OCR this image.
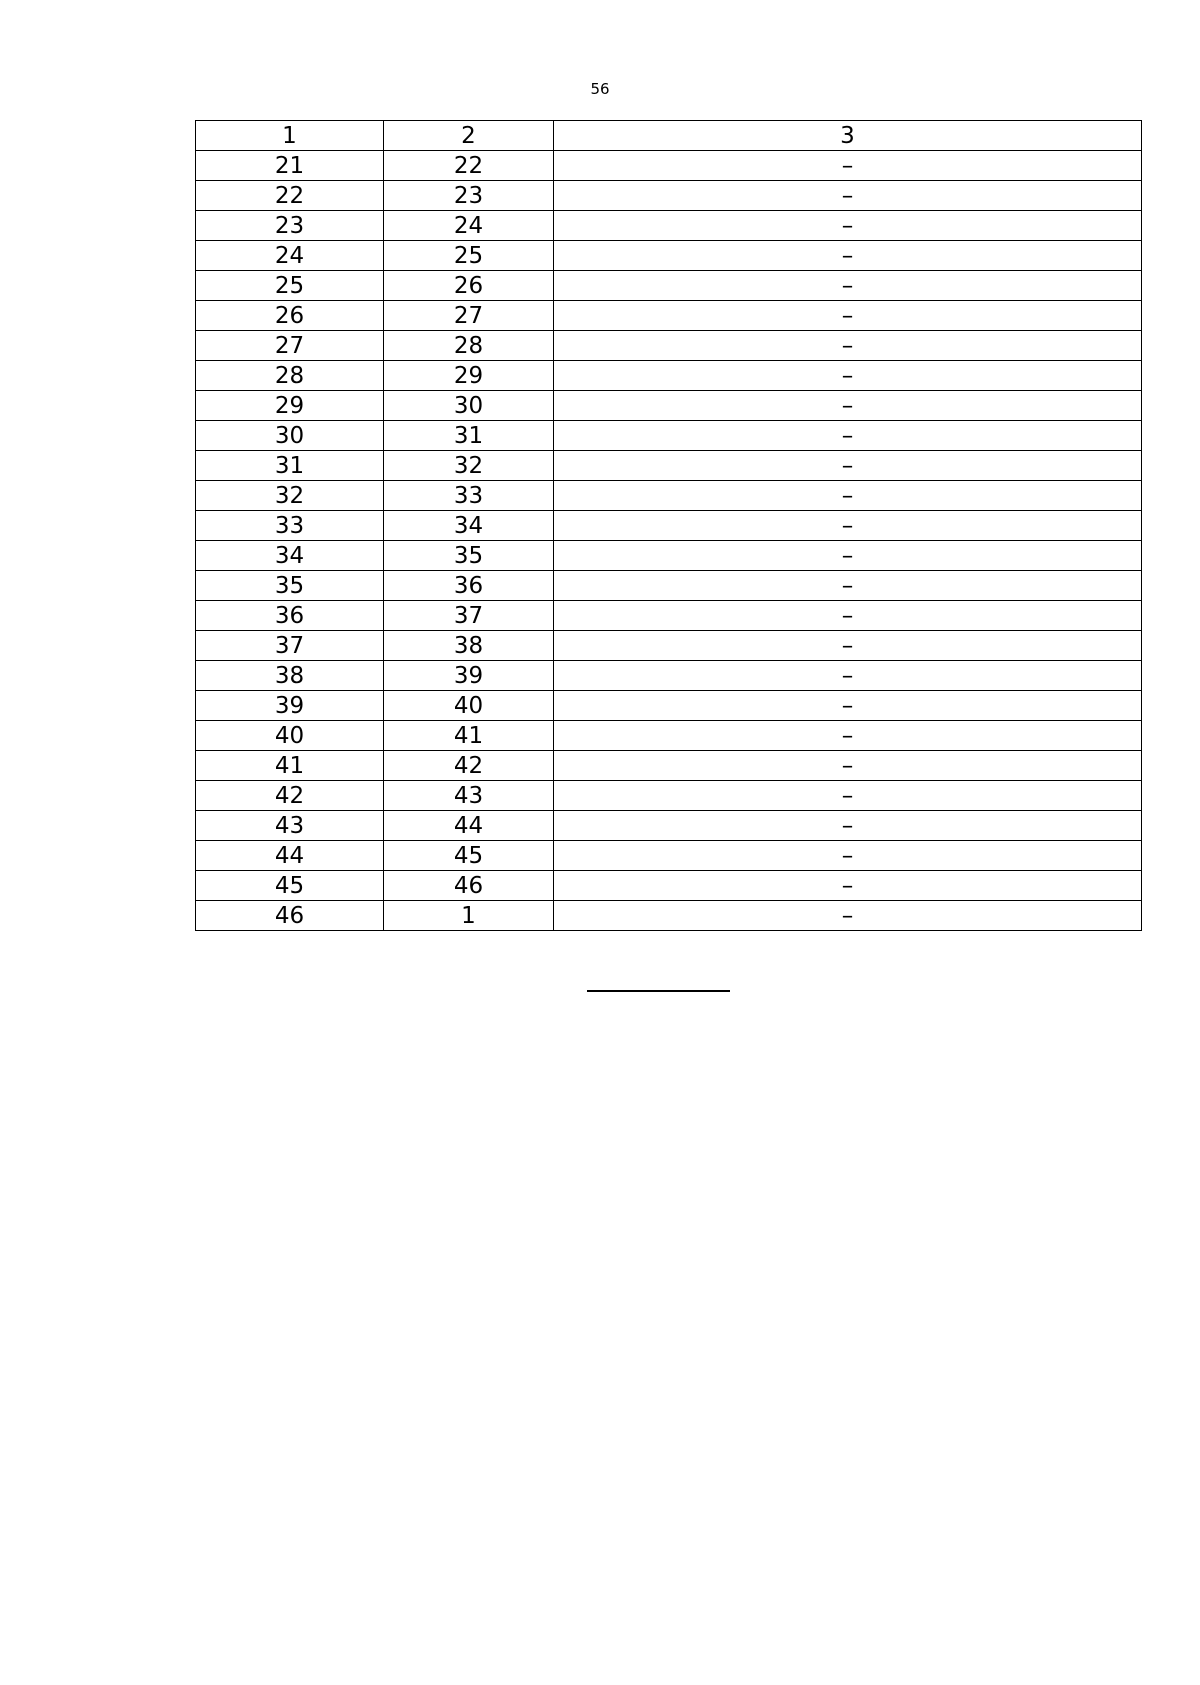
56
1	2	3
21	22	–
22	23	–
23	24	–
24	25	–
25	26	–
26	27	–
27	28	–
28	29	–
29	30	–
30	31	–
31	32	–
32	33	–
33	34	–
34	35	–
35	36	–
36	37	–
37	38	–
38	39	–
39	40	–
40	41	–
41	42	–
42	43	–
43	44	–
44	45	–
45	46	–
46	1	–
